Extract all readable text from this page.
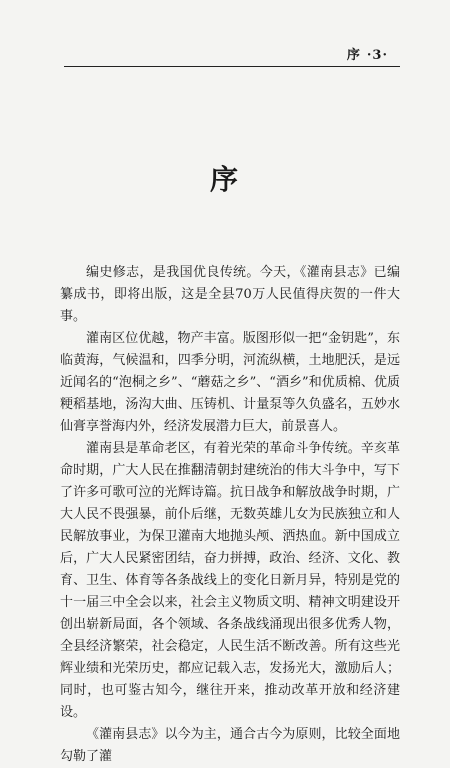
序 ·3·
序

编史修志，是我国优良传统。今天，《灌南县志》已编纂成书，即将出版，这是全县70万人民值得庆贺的一件大事。

灌南区位优越，物产丰富。版图形似一把“金钥匙”，东临黄海，气候温和，四季分明，河流纵横，土地肥沃，是远近闻名的“泡桐之乡”、“蘑菇之乡”、“酒乡”和优质棉、优质粳稻基地，汤沟大曲、压铸机、计量泵等久负盛名，五妙水仙膏享誉海内外，经济发展潜力巨大，前景喜人。

灌南县是革命老区，有着光荣的革命斗争传统。辛亥革命时期，广大人民在推翻清朝封建统治的伟大斗争中，写下了许多可歌可泣的光辉诗篇。抗日战争和解放战争时期，广大人民不畏强暴，前仆后继，无数英雄儿女为民族独立和人民解放事业，为保卫灌南大地抛头颅、洒热血。新中国成立后，广大人民紧密团结，奋力拼搏，政治、经济、文化、教育、卫生、体育等各条战线上的变化日新月异，特别是党的十一届三中全会以来，社会主义物质文明、精神文明建设开创出崭新局面，各个领域、各条战线涌现出很多优秀人物，全县经济繁荣，社会稳定，人民生活不断改善。所有这些光辉业绩和光荣历史，都应记载入志，发扬光大，激励后人；同时，也可鉴古知今，继往开来，推动改革开放和经济建设。

《灌南县志》以今为主，通合古今为原则，比较全面地勾勒了灌
